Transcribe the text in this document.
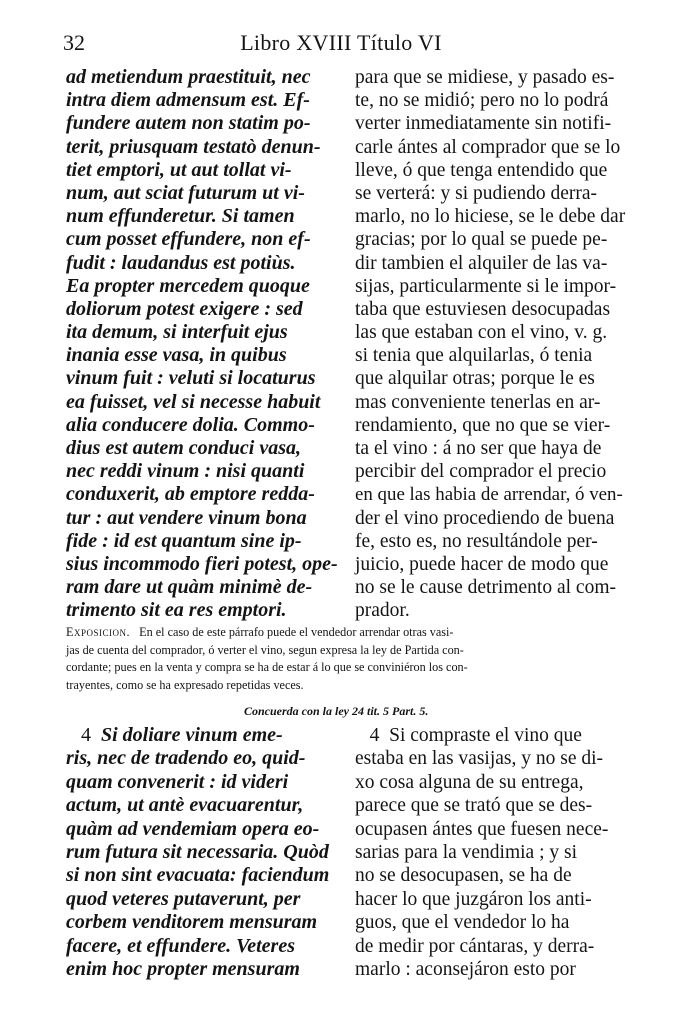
32	Libro XVIII Título VI
ad metiendum praestituit, nec
intra diem admensum est. Ef-
fundere autem non statim po-
terit, priusquam testatò denun-
tiet emptori, ut aut tollat vi-
num, aut sciat futurum ut vi-
num effunderetur. Si tamen
cum posset effundere, non ef-
fudit : laudandus est potiùs.
Ea propter mercedem quoque
doliorum potest exigere : sed
ita demum, si interfuit ejus
inania esse vasa, in quibus
vinum fuit : veluti si locaturus
ea fuisset, vel si necesse habuit
alia conducere dolia. Commo-
dius est autem conduci vasa,
nec reddi vinum : nisi quanti
conduxerit, ab emptore redda-
tur : aut vendere vinum bona
fide : id est quantum sine ip-
sius incommodo fieri potest, ope-
ram dare ut quàm minimè de-
trimento sit ea res emptori.
para que se midiese, y pasado es-
te, no se midió; pero no lo podrá
verter inmediatamente sin notifi-
carle ántes al comprador que se lo
lleve, ó que tenga entendido que
se verterá: y si pudiendo derra-
marlo, no lo hiciese, se le debe dar
gracias; por lo qual se puede pe-
dir tambien el alquiler de las va-
sijas, particularmente si le impor-
taba que estuviesen desocupadas
las que estaban con el vino, v. g.
si tenia que alquilarlas, ó tenia
que alquilar otras; porque le es
mas conveniente tenerlas en ar-
rendamiento, que no que se vier-
ta el vino : á no ser que haya de
percibir del comprador el precio
en que las habia de arrendar, ó ven-
der el vino procediendo de buena
fe, esto es, no resultándole per-
juicio, puede hacer de modo que
no se le cause detrimento al com-
prador.
Exposicion. En el caso de este párrafo puede el vendedor arrendar otras vasi-
jas de cuenta del comprador, ó verter el vino, segun expresa la ley de Partida con-
cordante; pues en la venta y compra se ha de estar á lo que se conviniéron los con-
trayentes, como se ha expresado repetidas veces.
Concuerda con la ley 24 tit. 5 Part. 5.
4 Si doliare vinum eme-
ris, nec de tradendo eo, quid-
quam convenerit : id videri
actum, ut antè evacuarentur,
quàm ad vendemiam opera eo-
rum futura sit necessaria. Quòd
si non sint evacuata: faciendum
quod veteres putaverunt, per
corbem venditorem mensuram
facere, et effundere. Veteres
enim hoc propter mensuram
4 Si compraste el vino que
estaba en las vasijas, y no se di-
xo cosa alguna de su entrega,
parece que se trató que se des-
ocupasen ántes que fuesen nece-
sarias para la vendimia ; y si
no se desocupasen, se ha de
hacer lo que juzgáron los anti-
guos, que el vendedor lo ha
de medir por cántaras, y derra-
marlo : aconsejáron esto por
